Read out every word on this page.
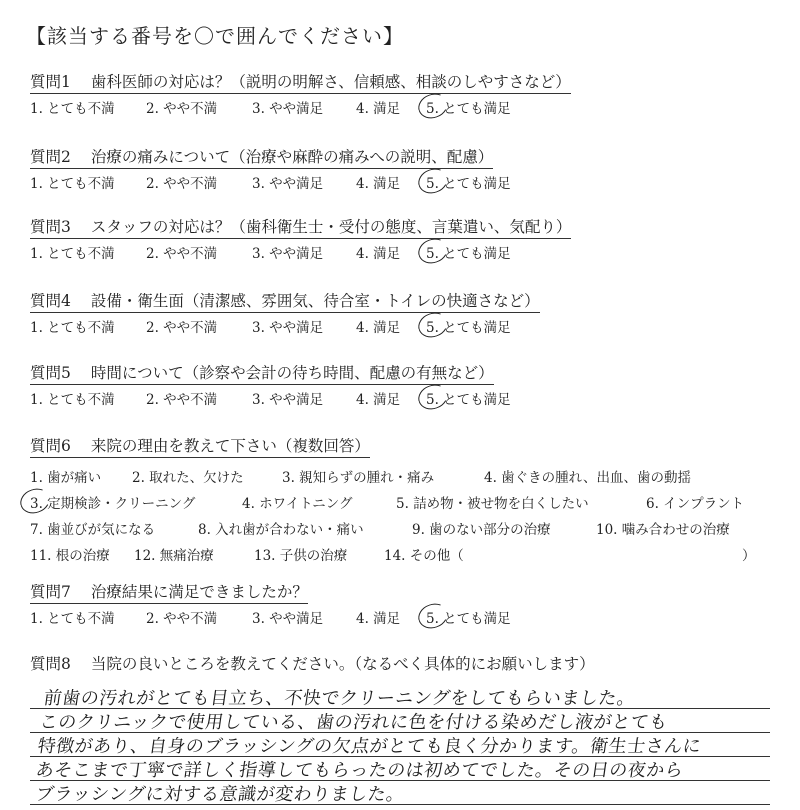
【該当する番号を〇で囲んでください】
質問1 歯科医師の対応は？（説明の明解さ、信頼感、相談のしやすさなど）
1. とても不満 2. やや不満	3. やや満足 4. 満足 5. とても満足
質問2 治療の痛みについて（治療や麻酔の痛みへの説明、配慮）
1. とても不満 2. やや不満	3. やや満足 4. 満足 5. とても満足
質問3 スタッフの対応は？（歯科衛生士・受付の態度、言葉遣い、気配り）
1. とても不満 2. やや不満	3. やや満足 4. 満足 5. とても満足
質問4 設備・衛生面（清潔感、雰囲気、待合室・トイレの快適さなど）
1. とても不満 2. やや不満	3. やや満足 4. 満足 5. とても満足
質問5 時間について（診察や会計の待ち時間、配慮の有無など）
1. とても不満 2. やや不満	3. やや満足 4. 満足 5. とても満足
質問6 来院の理由を教えて下さい（複数回答）
1. 歯が痛い 2. 取れた、欠けた	3. 親知らずの腫れ・痛み	4. 歯ぐきの腫れ、出血、歯の動揺
3. 定期検診・クリーニング	4. ホワイトニング	5. 詰め物・被せ物を白くしたい	6. インプラント
7. 歯並びが気になる	8. 入れ歯が合わない・痛い	9. 歯のない部分の治療	10. 噛み合わせの治療
11. 根の治療 12. 無痛治療	13. 子供の治療	14. その他（	）
質問7 治療結果に満足できましたか？
1. とても不満 2. やや不満	3. やや満足 4. 満足 5. とても満足
質問8 当院の良いところを教えてください。（なるべく具体的にお願いします）
前歯の汚れがとても目立ち、不快でクリーニングをしてもらいました。
このクリニックで使用している、歯の汚れに色を付ける染めだし液がとても
特徴があり、自身のブラッシングの欠点がとても良く分かります。衛生士さんに
あそこまで丁寧で詳しく指導してもらったのは初めてでした。その日の夜から
ブラッシングに対する意識が変わりました。
